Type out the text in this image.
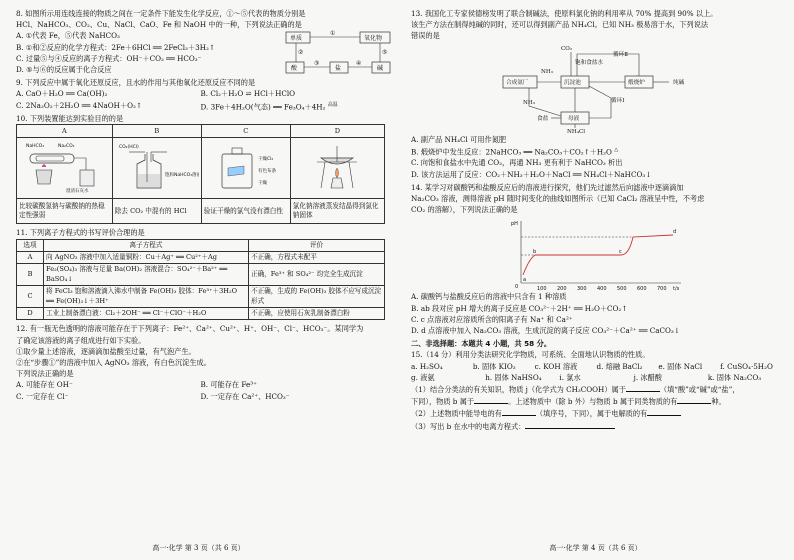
8. 如图所示用连线连接的物质之间在一定条件下能发生化学反应，①～⑤代表的物质分别是

HCl、NaHCO₃、CO₂、Cu、NaCl、CaO、Fe 和 NaOH 中的一种，下列说法正确的是

A. ①代表 Fe，⑤代表 NaHCO₃

B. ①和②反应的化学方程式：2Fe＋6HCl ══ 2FeCl₃＋3H₂↑

C. 过量⑤与④反应的离子方程式：OH⁻＋CO₂ ══ HCO₃⁻

D. ⑤与⑥的反应属于化合反应

单质	氧化物
酸	盐	碱
①
②
③	④
⑤

9. 下列反应中属于氧化还原反应，且水的作用与其他氧化还原反应不同的是

A. CaO＋H₂O ══ Ca(OH)₂	B. Cl₂＋H₂O ⇌ HCl＋HClO
C. 2Na₂O₂＋2H₂O ══ 4NaOH＋O₂↑	D. 3Fe＋4H₂O(气态) ══ Fe₃O₄＋4H₂ $^{高温}$

10. 下列装置能达到实验目的的是

A	B	C	D

NaHCO₃ Na₂CO₃
澄清石灰水	CO₂(HCl)
饱和NaHCO₃溶液	干燥Cl₂
有色布条
干燥

比较碳酸氢钠与碳酸钠的热稳定性强弱	除去 CO₂ 中混有的 HCl	验证干燥的氯气没有漂白性	氯化钠溶液蒸发结晶得到氯化钠固体

11. 下列离子方程式的书写评价合理的是

选项	离子方程式	评价
A	向 AgNO₃ 溶液中加入适量铜粉：Cu＋Ag⁺ ══ Cu²⁺＋Ag	不正确，方程式未配平
B	Fe₂(SO₄)₃ 溶液与足量 Ba(OH)₂ 溶液混合：SO₄²⁻＋Ba²⁺ ══ BaSO₄↓	正确，Fe³⁺ 和 SO₄²⁻ 均完全生成沉淀
C	将 FeCl₃ 饱和溶液滴入沸水中制备 Fe(OH)₃ 胶体：Fe³⁺＋3H₂O ══ Fe(OH)₃↓＋3H⁺	不正确，生成的 Fe(OH)₃ 胶体不应写成沉淀形式
D	工业上制备漂白液：Cl₂＋2OH⁻ ══ Cl⁻＋ClO⁻＋H₂O	不正确，应使用石灰乳制备漂白粉

12. 有一瓶无色透明的溶液可能存在于下列离子：Fe²⁺、Ca²⁺、Cu²⁺、H⁺、OH⁻、Cl⁻、HCO₃⁻。某同学为

了确定该溶液的离子组成进行如下实验。

①取少量上述溶液，逐滴滴加盐酸至过量，有气泡产生。

②在“步骤①”的溶液中加入 AgNO₃ 溶液，有白色沉淀生成。

下列说法正确的是

A. 可能存在 OH⁻	B. 可能存在 Fe³⁺
C. 一定存在 Cl⁻	D. 一定存在 Ca²⁺、HCO₃⁻
高一·化学 第 3 页（共 6 页）

13. 我国化工专家侯德榜发明了联合制碱法，使原料氯化钠的利用率从 70% 提高到 90% 以上。

该生产方法在制得纯碱的同时，还可以得到副产品 NH₄Cl。已知 NH₃ 极易溶于水，下列说法

错误的是

合成氨厂	沉淀池	煅烧炉	纯碱
母液
NH₃
食盐
CO₂
循环Ⅰ
循环Ⅱ
饱和食盐水
NH₄Cl
NH₃

A. 副产品 NH₄Cl 可用作氮肥

B. 煅烧炉中发生反应：2NaHCO₃ ══ Na₂CO₃＋CO₂↑＋H₂O △

C. 向饱和食盐水中先通 CO₂，再通 NH₃ 更有利于 NaHCO₃ 析出

D. 该方法运用了反应：CO₂＋NH₃＋H₂O＋NaCl ══ NH₄Cl＋NaHCO₃↓

14. 某学习对碳酸钙和盐酸反应后的溶液进行探究，他们先过滤然后向滤液中逐滴滴加

Na₂CO₃ 溶液，测得溶液 pH 随时间变化的曲线如图所示（已知 CaCl₂ 溶液呈中性，不考虑

CO₂ 的溶解），下列说法正确的是

pH
0	100 200 300 400 500 600 700 t/s
a
b	c
d

A. 碳酸钙与盐酸反应后的溶液中只含有 1 种溶质

B. ab 段对应 pH 增大的离子反应是 CO₃²⁻＋2H⁺ ══ H₂O＋CO₂↑

C. c 点溶液对应溶质所含的阳离子有 Na⁺ 和 Ca²⁺

D. d 点溶液中加入 Na₂CO₃ 溶液，生成沉淀的离子反应 CO₃²⁻＋Ca²⁺ ══ CaCO₃↓

二、非选择题：本题共 4 小题，共 58 分。

15.（14 分）利用分类法研究化学物质，可系统、全面地认识物质的性质。

a. H₂SO₄	b. 固体 KIO₃	c. KOH 溶液	d. 熔融 BaCl₂	e. 固体 NaCl	f. CuSO₄·5H₂O
g. 液氨	h. 固体 NaHSO₄	i. 氯水	j. 冰醋酸	k. 固体 Na₂CO₃

（1）结合分类法的有关知识，物质 j（化学式为 CH₃COOH）属于	（填“酸”或“碱”或“盐”，

下同），物质 b 属于	。上述物质中（除 b 外）与物质 b 属于同类物质的有	种。

（2）上述物质中能导电的有	（填序号，下同），属于电解质的有

（3）写出 b 在水中的电离方程式：

高一·化学 第 4 页（共 6 页）
